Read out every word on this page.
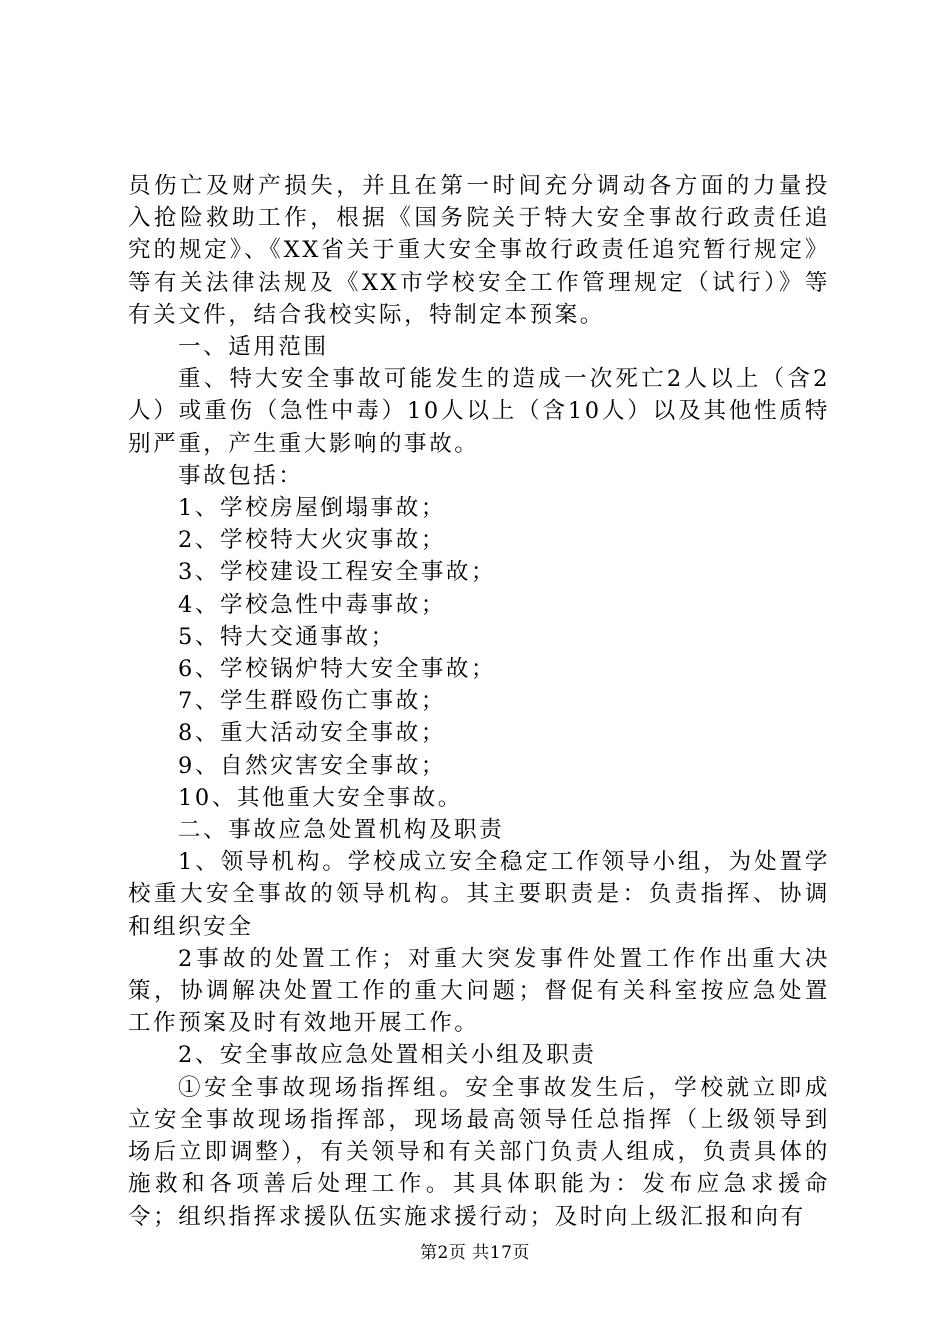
员伤亡及财产损失，并且在第一时间充分调动各方面的力量投入抢险救助工作，根据《国务院关于特大安全事故行政责任追究的规定》、《XX省关于重大安全事故行政责任追究暂行规定》等有关法律法规及《XX市学校安全工作管理规定（试行）》等有关文件，结合我校实际，特制定本预案。

一、适用范围

重、特大安全事故可能发生的造成一次死亡2人以上（含2人）或重伤（急性中毒）10人以上（含10人）以及其他性质特别严重，产生重大影响的事故。

事故包括：

1、学校房屋倒塌事故；

2、学校特大火灾事故；

3、学校建设工程安全事故；

4、学校急性中毒事故；

5、特大交通事故；

6、学校锅炉特大安全事故；

7、学生群殴伤亡事故；

8、重大活动安全事故；

9、自然灾害安全事故；

10、其他重大安全事故。

二、事故应急处置机构及职责

1、领导机构。学校成立安全稳定工作领导小组，为处置学校重大安全事故的领导机构。其主要职责是：负责指挥、协调和组织安全

2事故的处置工作；对重大突发事件处置工作作出重大决策，协调解决处置工作的重大问题；督促有关科室按应急处置工作预案及时有效地开展工作。

2、安全事故应急处置相关小组及职责

①安全事故现场指挥组。安全事故发生后，学校就立即成立安全事故现场指挥部，现场最高领导任总指挥（上级领导到场后立即调整），有关领导和有关部门负责人组成，负责具体的施救和各项善后处理工作。其具体职能为：发布应急求援命令；组织指挥求援队伍实施求援行动；及时向上级汇报和向有

第2页 共17页
